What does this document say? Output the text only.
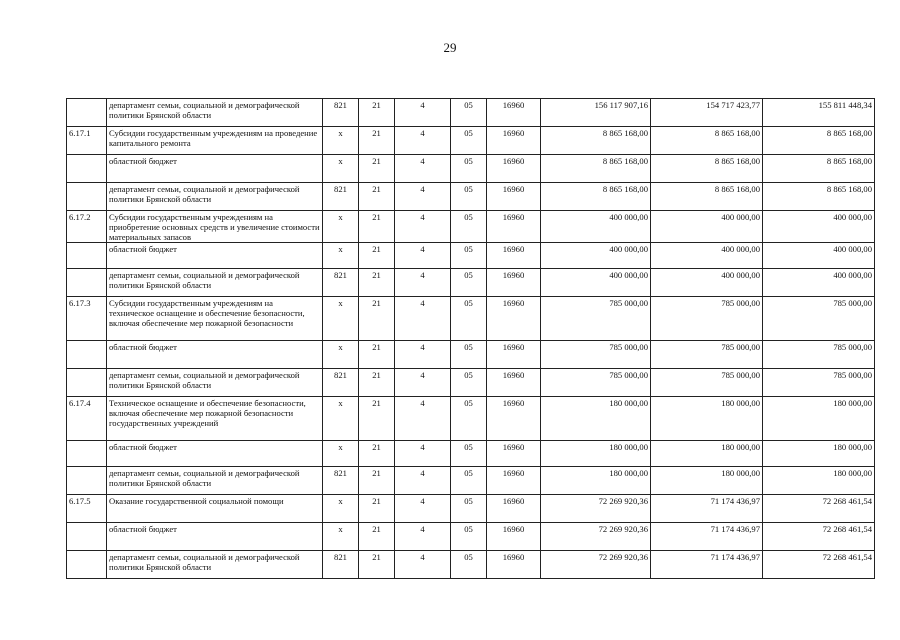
29
	департамент семьи, социальной и демографической политики Брянской области	821	21	4	05	16960	156 117 907,16	154 717 423,77	155 811 448,34
6.17.1	Субсидии государственным учреждениям на проведение капитального ремонта	х	21	4	05	16960	8 865 168,00	8 865 168,00	8 865 168,00
	областной бюджет	х	21	4	05	16960	8 865 168,00	8 865 168,00	8 865 168,00
	департамент семьи, социальной и демографической политики Брянской области	821	21	4	05	16960	8 865 168,00	8 865 168,00	8 865 168,00
6.17.2	Субсидии государственным учреждениям на приобретение основных средств и увеличение стоимости материальных запасов	х	21	4	05	16960	400 000,00	400 000,00	400 000,00
	областной бюджет	х	21	4	05	16960	400 000,00	400 000,00	400 000,00
	департамент семьи, социальной и демографической политики Брянской области	821	21	4	05	16960	400 000,00	400 000,00	400 000,00
6.17.3	Субсидии государственным учреждениям на техническое оснащение и обеспечение безопасности, включая обеспечение мер пожарной безопасности	х	21	4	05	16960	785 000,00	785 000,00	785 000,00
	областной бюджет	х	21	4	05	16960	785 000,00	785 000,00	785 000,00
	департамент семьи, социальной и демографической политики Брянской области	821	21	4	05	16960	785 000,00	785 000,00	785 000,00
6.17.4	Техническое оснащение и обеспечение безопасности, включая обеспечение мер пожарной безопасности государственных учреждений	х	21	4	05	16960	180 000,00	180 000,00	180 000,00
	областной бюджет	х	21	4	05	16960	180 000,00	180 000,00	180 000,00
	департамент семьи, социальной и демографической политики Брянской области	821	21	4	05	16960	180 000,00	180 000,00	180 000,00
6.17.5	Оказание государственной социальной помощи	х	21	4	05	16960	72 269 920,36	71 174 436,97	72 268 461,54
	областной бюджет	х	21	4	05	16960	72 269 920,36	71 174 436,97	72 268 461,54
	департамент семьи, социальной и демографической политики Брянской области	821	21	4	05	16960	72 269 920,36	71 174 436,97	72 268 461,54
